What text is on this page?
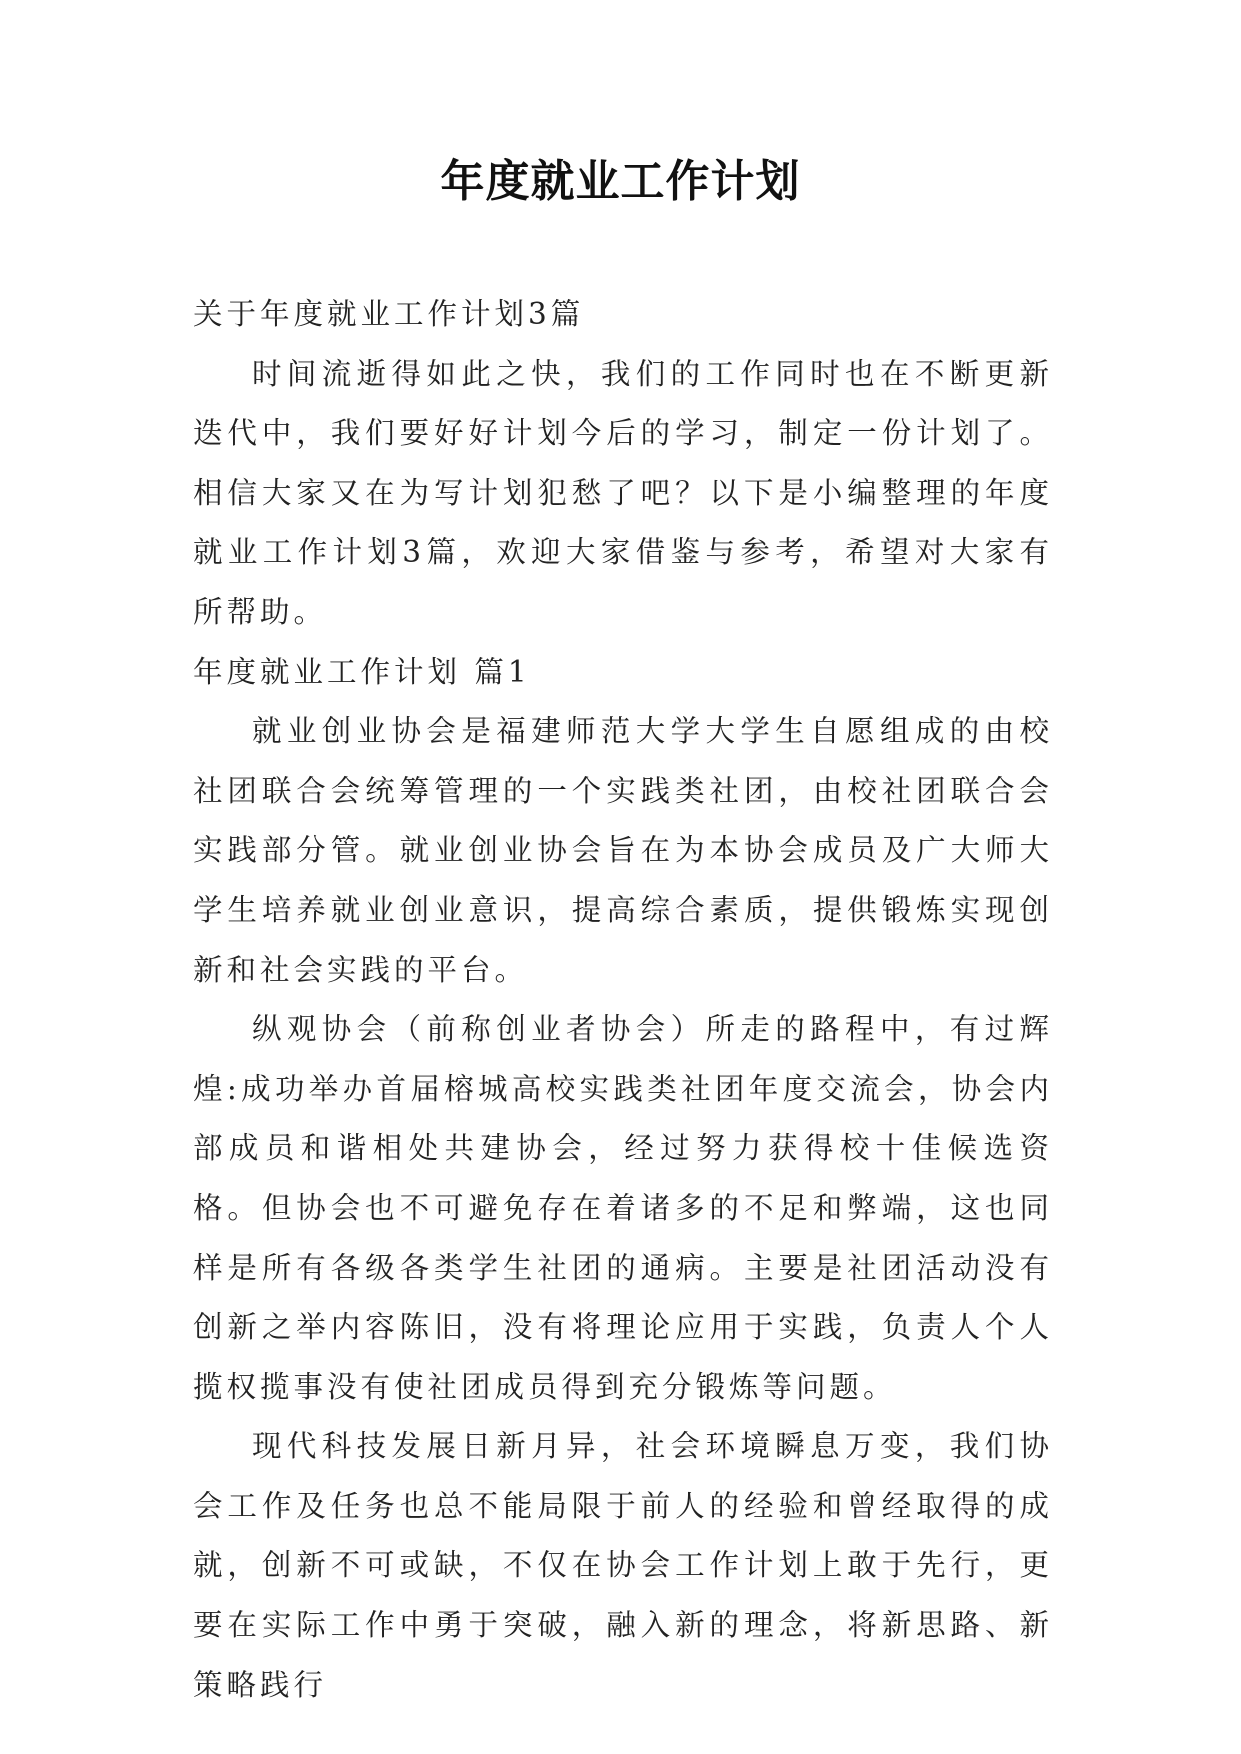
年度就业工作计划

关于年度就业工作计划3篇

时间流逝得如此之快，我们的工作同时也在不断更新迭代中，我们要好好计划今后的学习，制定一份计划了。相信大家又在为写计划犯愁了吧？以下是小编整理的年度就业工作计划3篇，欢迎大家借鉴与参考，希望对大家有所帮助。

年度就业工作计划 篇1

就业创业协会是福建师范大学大学生自愿组成的由校社团联合会统筹管理的一个实践类社团，由校社团联合会实践部分管。就业创业协会旨在为本协会成员及广大师大学生培养就业创业意识，提高综合素质，提供锻炼实现创新和社会实践的平台。

纵观协会（前称创业者协会）所走的路程中，有过辉煌:成功举办首届榕城高校实践类社团年度交流会，协会内部成员和谐相处共建协会，经过努力获得校十佳候选资格。但协会也不可避免存在着诸多的不足和弊端，这也同样是所有各级各类学生社团的通病。主要是社团活动没有创新之举内容陈旧，没有将理论应用于实践，负责人个人揽权揽事没有使社团成员得到充分锻炼等问题。

现代科技发展日新月异，社会环境瞬息万变，我们协会工作及任务也总不能局限于前人的经验和曾经取得的成就，创新不可或缺，不仅在协会工作计划上敢于先行，更要在实际工作中勇于突破，融入新的理念，将新思路、新策略践行
